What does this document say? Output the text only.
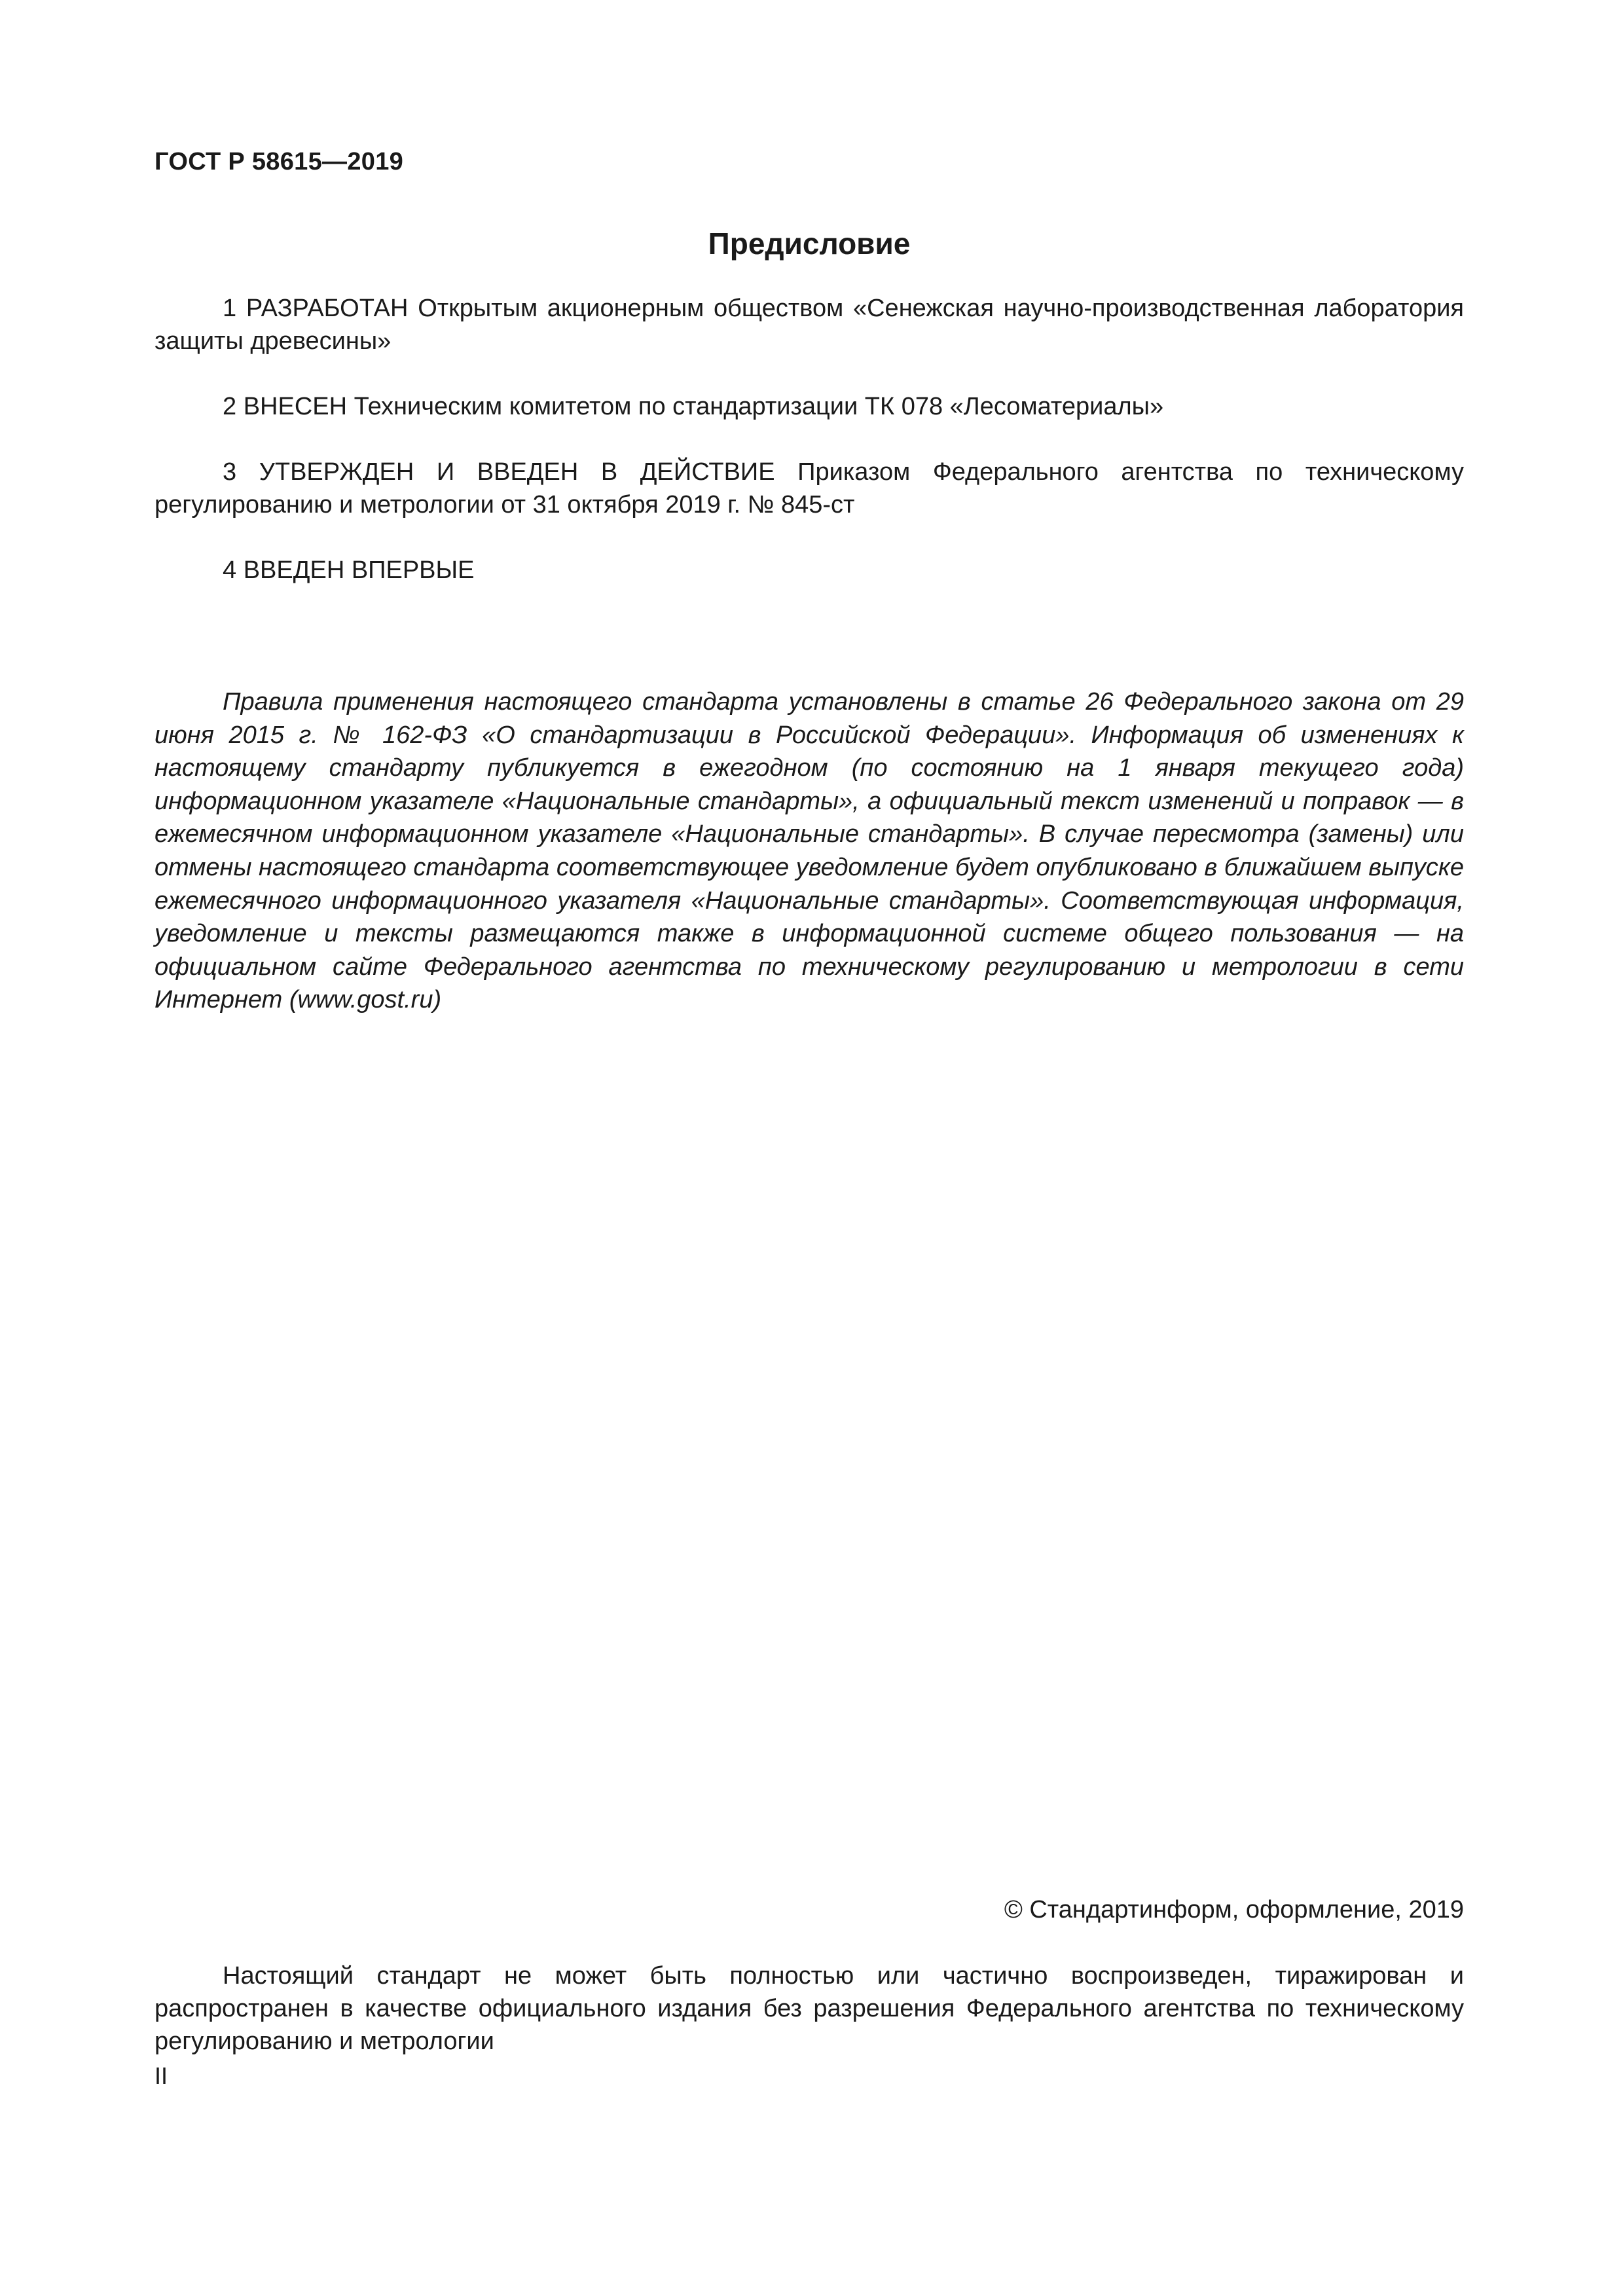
ГОСТ Р 58615—2019
Предисловие

1 РАЗРАБОТАН Открытым акционерным обществом «Сенежская научно-производственная лаборатория защиты древесины»

2 ВНЕСЕН Техническим комитетом по стандартизации ТК 078 «Лесоматериалы»

3 УТВЕРЖДЕН И ВВЕДЕН В ДЕЙСТВИЕ Приказом Федерального агентства по техническому регулированию и метрологии от 31 октября 2019 г. № 845-ст

4 ВВЕДЕН ВПЕРВЫЕ

Правила применения настоящего стандарта установлены в статье 26 Федерального закона от 29 июня 2015 г. № 162-ФЗ «О стандартизации в Российской Федерации». Информация об изменениях к настоящему стандарту публикуется в ежегодном (по состоянию на 1 января текущего года) информационном указателе «Национальные стандарты», а официальный текст изменений и поправок — в ежемесячном информационном указателе «Национальные стандарты». В случае пересмотра (замены) или отмены настоящего стандарта соответствующее уведомление будет опубликовано в ближайшем выпуске ежемесячного информационного указателя «Национальные стандарты». Соответствующая информация, уведомление и тексты размещаются также в информационной системе общего пользования — на официальном сайте Федерального агентства по техническому регулированию и метрологии в сети Интернет (www.gost.ru)

© Стандартинформ, оформление, 2019

Настоящий стандарт не может быть полностью или частично воспроизведен, тиражирован и распространен в качестве официального издания без разрешения Федерального агентства по техническому регулированию и метрологии

II
